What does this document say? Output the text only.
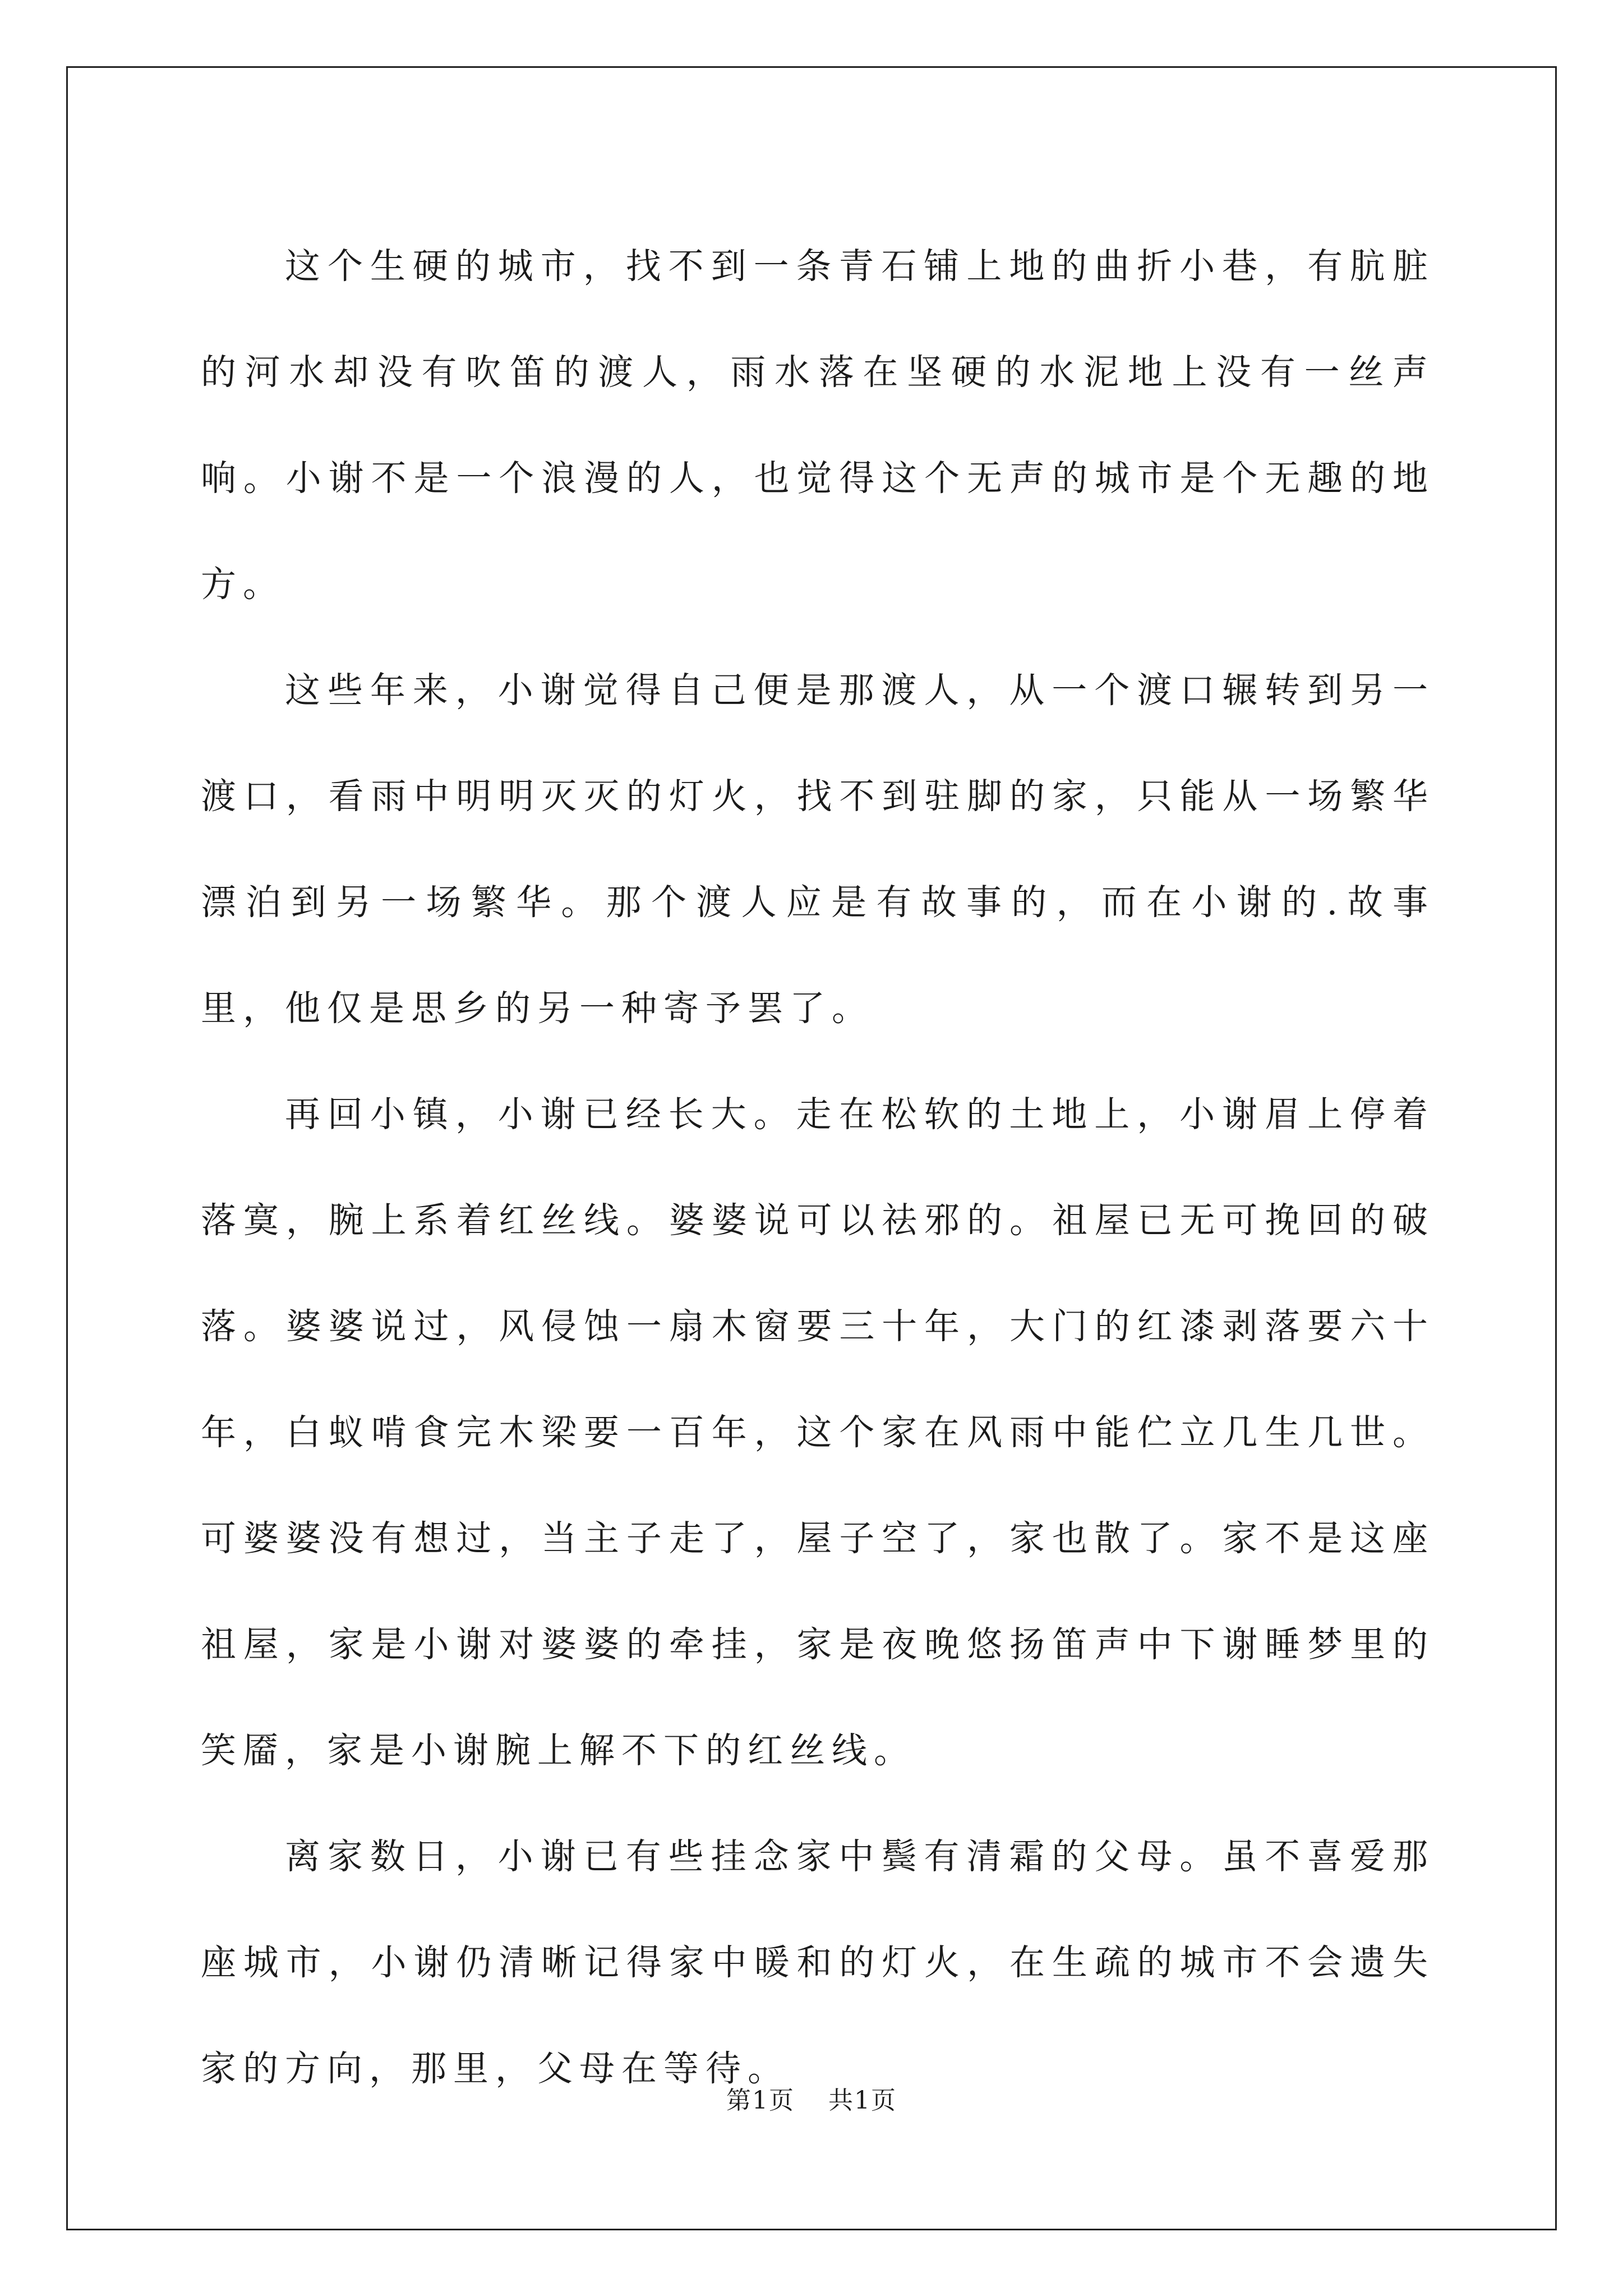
这个生硬的城市，找不到一条青石铺上地的曲折小巷，有肮脏的河水却没有吹笛的渡人，雨水落在坚硬的水泥地上没有一丝声响。小谢不是一个浪漫的人，也觉得这个无声的城市是个无趣的地方。

这些年来，小谢觉得自己便是那渡人，从一个渡口辗转到另一渡口，看雨中明明灭灭的灯火，找不到驻脚的家，只能从一场繁华漂泊到另一场繁华。那个渡人应是有故事的，而在小谢的.故事里，他仅是思乡的另一种寄予罢了。

再回小镇，小谢已经长大。走在松软的土地上，小谢眉上停着落寞，腕上系着红丝线。婆婆说可以祛邪的。祖屋已无可挽回的破落。婆婆说过，风侵蚀一扇木窗要三十年，大门的红漆剥落要六十年，白蚁啃食完木梁要一百年，这个家在风雨中能伫立几生几世。可婆婆没有想过，当主子走了，屋子空了，家也散了。家不是这座祖屋，家是小谢对婆婆的牵挂，家是夜晚悠扬笛声中下谢睡梦里的笑靥，家是小谢腕上解不下的红丝线。

离家数日，小谢已有些挂念家中鬓有清霜的父母。虽不喜爱那座城市，小谢仍清晰记得家中暖和的灯火，在生疏的城市不会遗失家的方向，那里，父母在等待。

第1页 共1页
